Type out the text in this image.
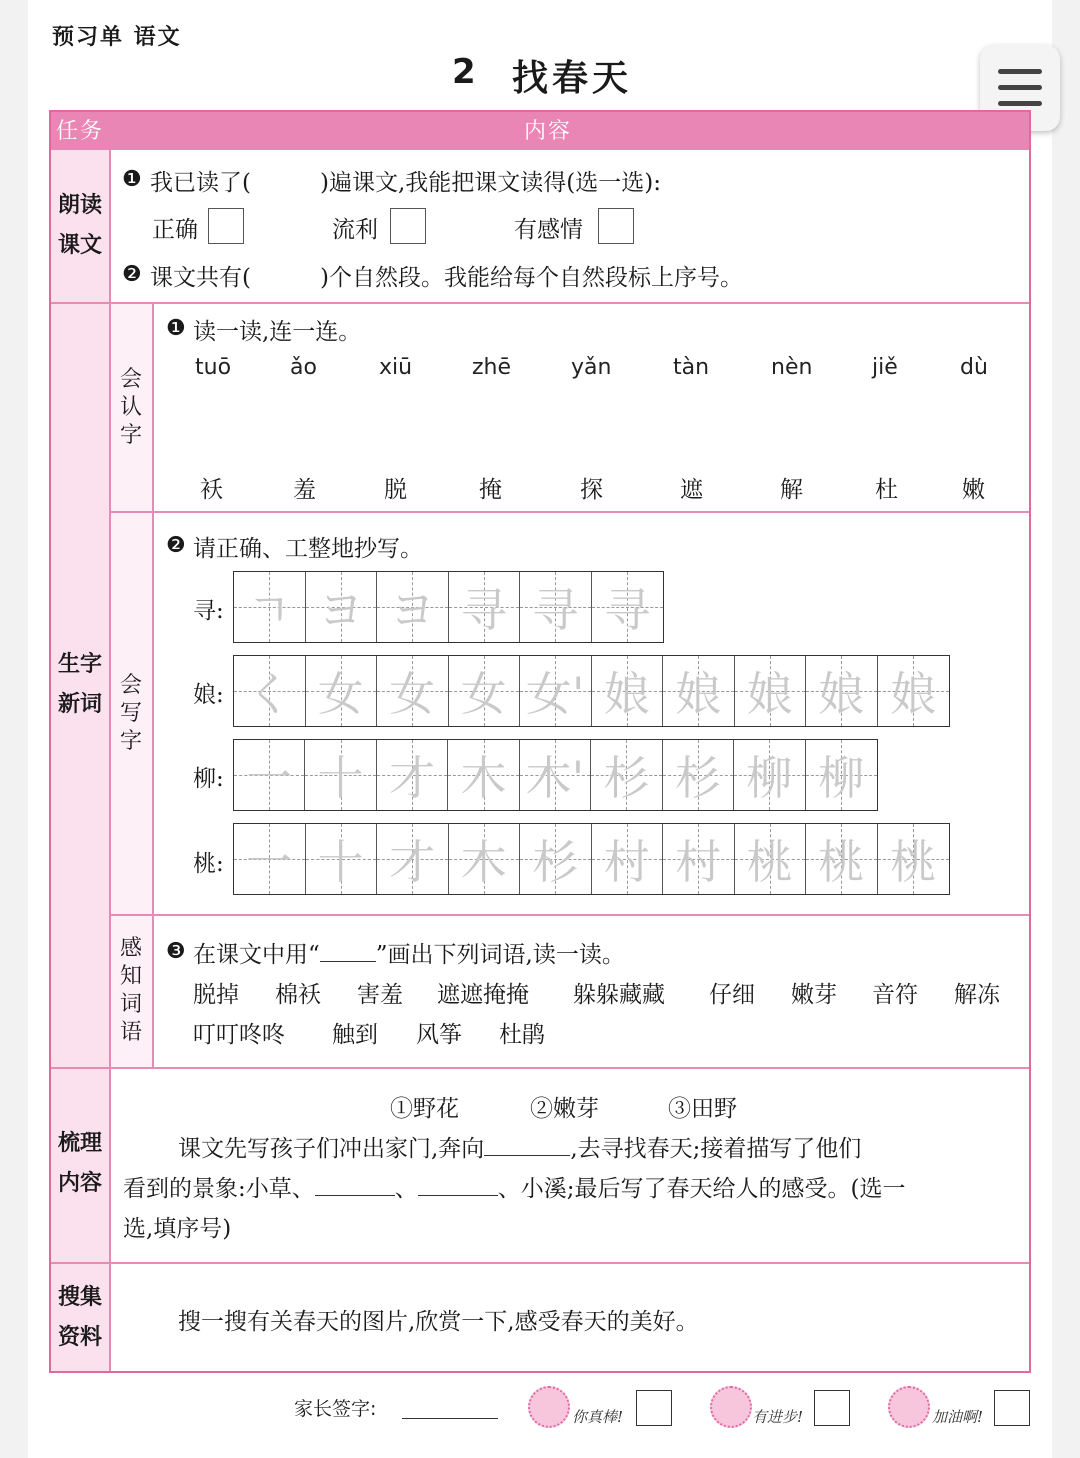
预习单 语文
2 找春天
任务	内容
朗读
课文
❶ 我已读了(　　　)遍课文,我能把课文读得(选一选):
正确	流利	有感情
❷ 课文共有(　　　)个自然段。我能给每个自然段标上序号。
生字
新词
会
认
字
❶ 读一读,连一连。
tuō	ǎo	xiū	zhē	yǎn	tàn	nèn	jiě	dù
袄	羞	脱	掩	探	遮	解	杜	嫩
会
写
字
❷ 请正确、工整地抄写。
寻: ㄱ ヨ ヨ 寻 寻 寻
娘: く 女 女 女 女' 娘 娘 娘 娘 娘
柳: 一 十 才 木 木' 杉 杉 柳 柳
桃: 一 十 才 木 杉 村 村 桃 桃 桃
感
知
词
语
❸ 在课文中用“ ”画出下列词语,读一读。
脱掉 棉袄 害羞 遮遮掩掩 躲躲藏藏 仔细 嫩芽 音符 解冻
叮叮咚咚 触到 风筝 杜鹃
梳理
内容
①野花	②嫩芽	③田野
课文先写孩子们冲出家门,奔向	,去寻找春天;接着描写了他们
看到的景象:小草、	、	、小溪;最后写了春天给人的感受。(选一
选,填序号)
搜集
资料
搜一搜有关春天的图片,欣赏一下,感受春天的美好。
家长签字:	你真棒!	有进步!	加油啊!
